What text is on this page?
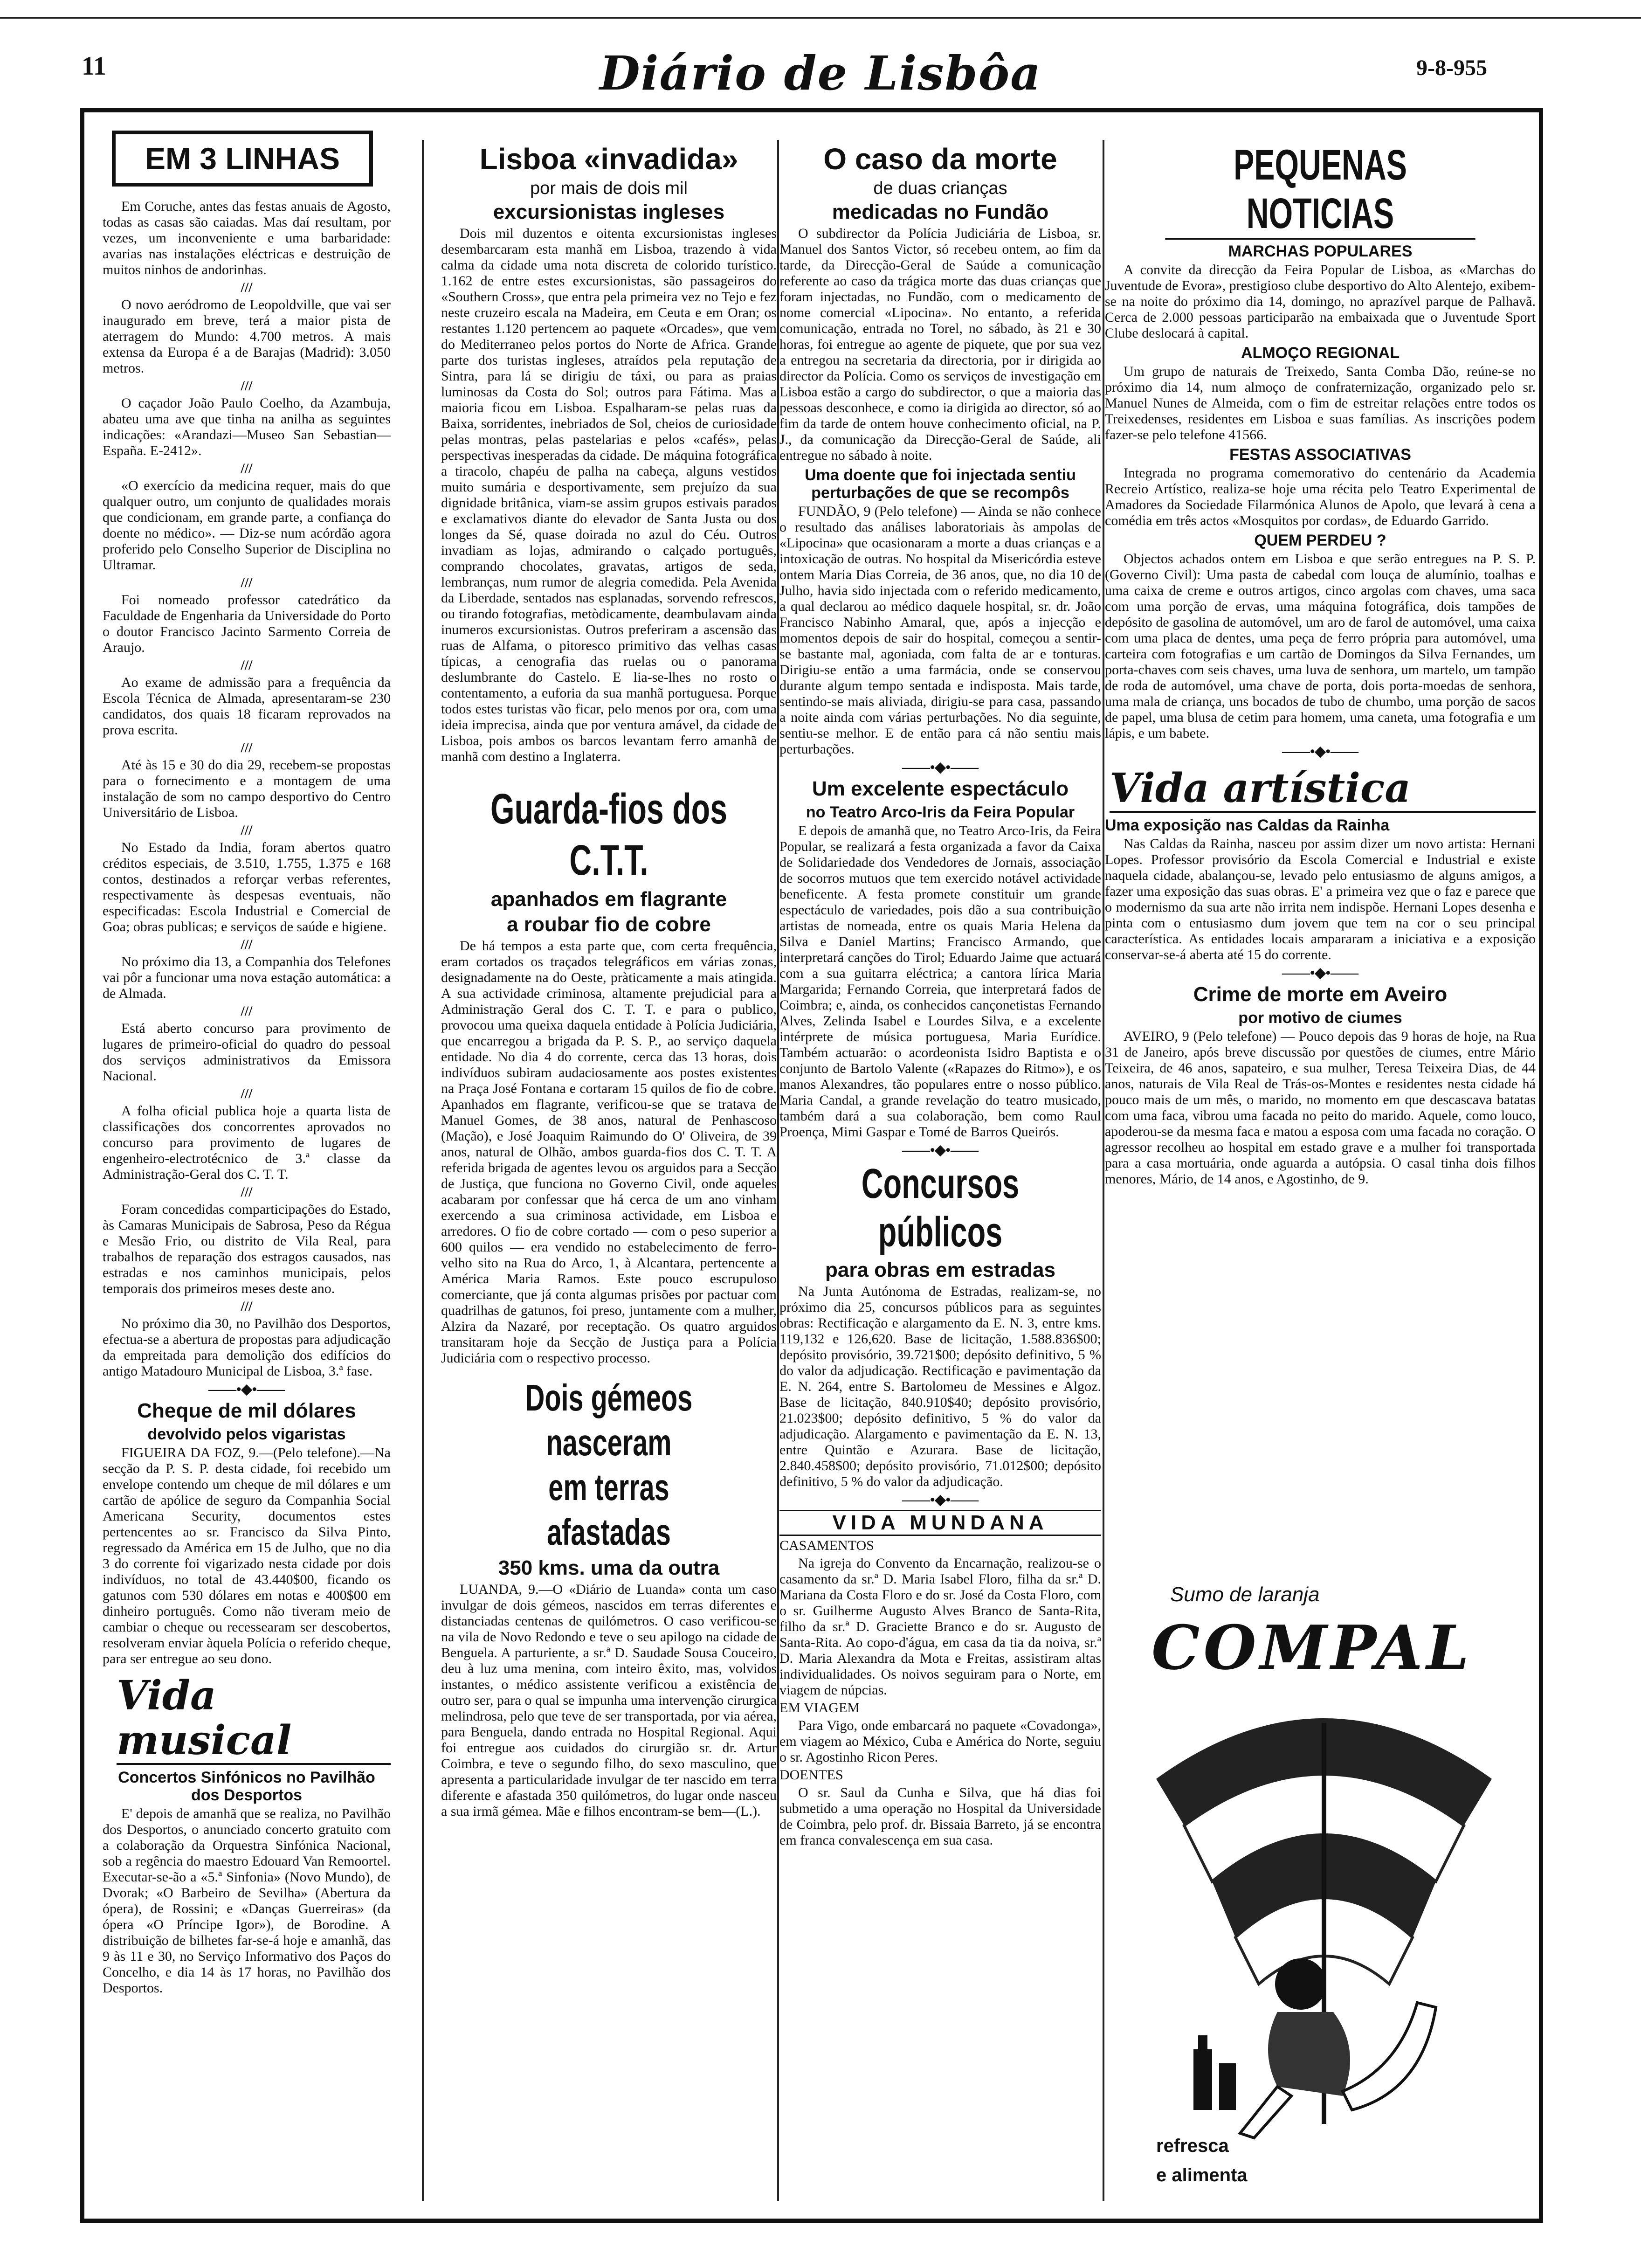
11	Diário de Lisbôa	9-8-955
EM 3 LINHAS

Em Coruche, antes das festas anuais de Agosto, todas as casas são caiadas. Mas daí resultam, por vezes, um inconveniente e uma barbaridade: avarias nas instalações eléctricas e destruição de muitos ninhos de andorinhas.

///

O novo aeródromo de Leopoldville, que vai ser inaugurado em breve, terá a maior pista de aterragem do Mundo: 4.700 metros. A mais extensa da Europa é a de Barajas (Madrid): 3.050 metros.

///

O caçador João Paulo Coelho, da Azambuja, abateu uma ave que tinha na anilha as seguintes indicações: «Arandazi—Museo San Sebastian—España. E-2412».

///

«O exercício da medicina requer, mais do que qualquer outro, um conjunto de qualidades morais que condicionam, em grande parte, a confiança do doente no médico». — Diz-se num acórdão agora proferido pelo Conselho Superior de Disciplina no Ultramar.

///

Foi nomeado professor catedrático da Faculdade de Engenharia da Universidade do Porto o doutor Francisco Jacinto Sarmento Correia de Araujo.

///

Ao exame de admissão para a frequência da Escola Técnica de Almada, apresentaram-se 230 candidatos, dos quais 18 ficaram reprovados na prova escrita.

///

Até às 15 e 30 do dia 29, recebem-se propostas para o fornecimento e a montagem de uma instalação de som no campo desportivo do Centro Universitário de Lisboa.

///

No Estado da India, foram abertos quatro créditos especiais, de 3.510, 1.755, 1.375 e 168 contos, destinados a reforçar verbas referentes, respectivamente às despesas eventuais, não especificadas: Escola Industrial e Comercial de Goa; obras publicas; e serviços de saúde e higiene.

///

No próximo dia 13, a Companhia dos Telefones vai pôr a funcionar uma nova estação automática: a de Almada.

///

Está aberto concurso para provimento de lugares de primeiro-oficial do quadro do pessoal dos serviços administrativos da Emissora Nacional.

///

A folha oficial publica hoje a quarta lista de classificações dos concorrentes aprovados no concurso para provimento de lugares de engenheiro-electrotécnico de 3.ª classe da Administração-Geral dos C. T. T.

///

Foram concedidas comparticipações do Estado, às Camaras Municipais de Sabrosa, Peso da Régua e Mesão Frio, ou distrito de Vila Real, para trabalhos de reparação dos estragos causados, nas estradas e nos caminhos municipais, pelos temporais dos primeiros meses deste ano.

///

No próximo dia 30, no Pavilhão dos Desportos, efectua-se a abertura de propostas para adjudicação da empreitada para demolição dos edifícios do antigo Matadouro Municipal de Lisboa, 3.ª fase.

——•◆•——
Cheque de mil dólares
devolvido pelos vigaristas

FIGUEIRA DA FOZ, 9.—(Pelo telefone).—Na secção da P. S. P. desta cidade, foi recebido um envelope contendo um cheque de mil dólares e um cartão de apólice de seguro da Companhia Social Americana Security, documentos estes pertencentes ao sr. Francisco da Silva Pinto, regressado da América em 15 de Julho, que no dia 3 do corrente foi vigarizado nesta cidade por dois indivíduos, no total de 43.440$00, ficando os gatunos com 530 dólares em notas e 400$00 em dinheiro português. Como não tiveram meio de cambiar o cheque ou recessearam ser descobertos, resolveram enviar àquela Polícia o referido cheque, para ser entregue ao seu dono.

Vida musical
Concertos Sinfónicos no Pavilhão dos Desportos

E' depois de amanhã que se realiza, no Pavilhão dos Desportos, o anunciado concerto gratuito com a colaboração da Orquestra Sinfónica Nacional, sob a regência do maestro Edouard Van Remoortel. Executar-se-ão a «5.ª Sinfonia» (Novo Mundo), de Dvorak; «O Barbeiro de Sevilha» (Abertura da ópera), de Rossini; e «Danças Guerreiras» (da ópera «O Príncipe Igor»), de Borodine. A distribuição de bilhetes far-se-á hoje e amanhã, das 9 às 11 e 30, no Serviço Informativo dos Paços do Concelho, e dia 14 às 17 horas, no Pavilhão dos Desportos.

Lisboa «invadida»
por mais de dois mil
excursionistas ingleses

Dois mil duzentos e oitenta excursionistas ingleses desembarcaram esta manhã em Lisboa, trazendo à vida calma da cidade uma nota discreta de colorido turístico. 1.162 de entre estes excursionistas, são passageiros do «Southern Cross», que entra pela primeira vez no Tejo e fez neste cruzeiro escala na Madeira, em Ceuta e em Oran; os restantes 1.120 pertencem ao paquete «Orcades», que vem do Mediterraneo pelos portos do Norte de Africa. Grande parte dos turistas ingleses, atraídos pela reputação de Sintra, para lá se dirigiu de táxi, ou para as praias luminosas da Costa do Sol; outros para Fátima. Mas a maioria ficou em Lisboa. Espalharam-se pelas ruas da Baixa, sorridentes, inebriados de Sol, cheios de curiosidade pelas montras, pelas pastelarias e pelos «cafés», pelas perspectivas inesperadas da cidade. De máquina fotográfica a tiracolo, chapéu de palha na cabeça, alguns vestidos muito sumária e desportivamente, sem prejuízo da sua dignidade britânica, viam-se assim grupos estivais parados e exclamativos diante do elevador de Santa Justa ou dos longes da Sé, quase doirada no azul do Céu. Outros invadiam as lojas, admirando o calçado português, comprando chocolates, gravatas, artigos de seda, lembranças, num rumor de alegria comedida. Pela Avenida da Liberdade, sentados nas esplanadas, sorvendo refrescos, ou tirando fotografias, metòdicamente, deambulavam ainda inumeros excursionistas. Outros preferiram a ascensão das ruas de Alfama, o pitoresco primitivo das velhas casas típicas, a cenografia das ruelas ou o panorama deslumbrante do Castelo. E lia-se-lhes no rosto o contentamento, a euforia da sua manhã portuguesa. Porque todos estes turistas vão ficar, pelo menos por ora, com uma ideia imprecisa, ainda que por ventura amável, da cidade de Lisboa, pois ambos os barcos levantam ferro amanhã de manhã com destino a Inglaterra.

Guarda-fios dos C.T.T.
apanhados em flagrante
a roubar fio de cobre

De há tempos a esta parte que, com certa frequência, eram cortados os traçados telegráficos em várias zonas, designadamente na do Oeste, pràticamente a mais atingida. A sua actividade criminosa, altamente prejudicial para a Administração Geral dos C. T. T. e para o publico, provocou uma queixa daquela entidade à Polícia Judiciária, que encarregou a brigada da P. S. P., ao serviço daquela entidade. No dia 4 do corrente, cerca das 13 horas, dois indivíduos subiram audaciosamente aos postes existentes na Praça José Fontana e cortaram 15 quilos de fio de cobre. Apanhados em flagrante, verificou-se que se tratava de Manuel Gomes, de 38 anos, natural de Penhascoso (Mação), e José Joaquim Raimundo do O' Oliveira, de 39 anos, natural de Olhão, ambos guarda-fios dos C. T. T. A referida brigada de agentes levou os arguidos para a Secção de Justiça, que funciona no Governo Civil, onde aqueles acabaram por confessar que há cerca de um ano vinham exercendo a sua criminosa actividade, em Lisboa e arredores. O fio de cobre cortado — com o peso superior a 600 quilos — era vendido no estabelecimento de ferro-velho sito na Rua do Arco, 1, à Alcantara, pertencente a América Maria Ramos. Este pouco escrupuloso comerciante, que já conta algumas prisões por pactuar com quadrilhas de gatunos, foi preso, juntamente com a mulher, Alzira da Nazaré, por receptação. Os quatro arguidos transitaram hoje da Secção de Justiça para a Polícia Judiciária com o respectivo processo.

Dois gémeos nasceram
em terras afastadas
350 kms. uma da outra

LUANDA, 9.—O «Diário de Luanda» conta um caso invulgar de dois gémeos, nascidos em terras diferentes e distanciadas centenas de quilómetros. O caso verificou-se na vila de Novo Redondo e teve o seu apilogo na cidade de Benguela. A parturiente, a sr.ª D. Saudade Sousa Couceiro, deu à luz uma menina, com inteiro êxito, mas, volvidos instantes, o médico assistente verificou a existência de outro ser, para o qual se impunha uma intervenção cirurgica melindrosa, pelo que teve de ser transportada, por via aérea, para Benguela, dando entrada no Hospital Regional. Aqui foi entregue aos cuidados do cirurgião sr. dr. Artur Coimbra, e teve o segundo filho, do sexo masculino, que apresenta a particularidade invulgar de ter nascido em terra diferente e afastada 350 quilómetros, do lugar onde nasceu a sua irmã gémea. Mãe e filhos encontram-se bem—(L.).

O caso da morte
de duas crianças
medicadas no Fundão

O subdirector da Polícia Judiciária de Lisboa, sr. Manuel dos Santos Victor, só recebeu ontem, ao fim da tarde, da Direcção-Geral de Saúde a comunicação referente ao caso da trágica morte das duas crianças que foram injectadas, no Fundão, com o medicamento de nome comercial «Lipocina». No entanto, a referida comunicação, entrada no Torel, no sábado, às 21 e 30 horas, foi entregue ao agente de piquete, que por sua vez a entregou na secretaria da directoria, por ir dirigida ao director da Polícia. Como os serviços de investigação em Lisboa estão a cargo do subdirector, o que a maioria das pessoas desconhece, e como ia dirigida ao director, só ao fim da tarde de ontem houve conhecimento oficial, na P. J., da comunicação da Direcção-Geral de Saúde, ali entregue no sábado à noite.

Uma doente que foi injectada sentiu perturbações de que se recompôs

FUNDÃO, 9 (Pelo telefone) — Ainda se não conhece o resultado das análises laboratoriais às ampolas de «Lipocina» que ocasionaram a morte a duas crianças e a intoxicação de outras. No hospital da Misericórdia esteve ontem Maria Dias Correia, de 36 anos, que, no dia 10 de Julho, havia sido injectada com o referido medicamento, a qual declarou ao médico daquele hospital, sr. dr. João Francisco Nabinho Amaral, que, após a injecção e momentos depois de sair do hospital, começou a sentir-se bastante mal, agoniada, com falta de ar e tonturas. Dirigiu-se então a uma farmácia, onde se conservou durante algum tempo sentada e indisposta. Mais tarde, sentindo-se mais aliviada, dirigiu-se para casa, passando a noite ainda com várias perturbações. No dia seguinte, sentiu-se melhor. E de então para cá não sentiu mais perturbações.

——•◆•——
Um excelente espectáculo
no Teatro Arco-Iris da Feira Popular

E depois de amanhã que, no Teatro Arco-Iris, da Feira Popular, se realizará a festa organizada a favor da Caixa de Solidariedade dos Vendedores de Jornais, associação de socorros mutuos que tem exercido notável actividade beneficente. A festa promete constituir um grande espectáculo de variedades, pois dão a sua contribuição artistas de nomeada, entre os quais Maria Helena da Silva e Daniel Martins; Francisco Armando, que interpretará canções do Tirol; Eduardo Jaime que actuará com a sua guitarra eléctrica; a cantora lírica Maria Margarida; Fernando Correia, que interpretará fados de Coimbra; e, ainda, os conhecidos cançonetistas Fernando Alves, Zelinda Isabel e Lourdes Silva, e a excelente intérprete de música portuguesa, Maria Eurídice. Também actuarão: o acordeonista Isidro Baptista e o conjunto de Bartolo Valente («Rapazes do Ritmo»), e os manos Alexandres, tão populares entre o nosso público. Maria Candal, a grande revelação do teatro musicado, também dará a sua colaboração, bem como Raul Proença, Mimi Gaspar e Tomé de Barros Queirós.

——•◆•——
Concursos públicos
para obras em estradas

Na Junta Autónoma de Estradas, realizam-se, no próximo dia 25, concursos públicos para as seguintes obras: Rectificação e alargamento da E. N. 3, entre kms. 119,132 e 126,620. Base de licitação, 1.588.836$00; depósito provisório, 39.721$00; depósito definitivo, 5 % do valor da adjudicação. Rectificação e pavimentação da E. N. 264, entre S. Bartolomeu de Messines e Algoz. Base de licitação, 840.910$40; depósito provisório, 21.023$00; depósito definitivo, 5 % do valor da adjudicação. Alargamento e pavimentação da E. N. 13, entre Quintão e Azurara. Base de licitação, 2.840.458$00; depósito provisório, 71.012$00; depósito definitivo, 5 % do valor da adjudicação.

——•◆•——
VIDA MUNDANA

CASAMENTOS

Na igreja do Convento da Encarnação, realizou-se o casamento da sr.ª D. Maria Isabel Floro, filha da sr.ª D. Mariana da Costa Floro e do sr. José da Costa Floro, com o sr. Guilherme Augusto Alves Branco de Santa-Rita, filho da sr.ª D. Graciette Branco e do sr. Augusto de Santa-Rita. Ao copo-d'água, em casa da tia da noiva, sr.ª D. Maria Alexandra da Mota e Freitas, assistiram altas individualidades. Os noivos seguiram para o Norte, em viagem de núpcias.

EM VIAGEM

Para Vigo, onde embarcará no paquete «Covadonga», em viagem ao México, Cuba e América do Norte, seguiu o sr. Agostinho Ricon Peres.

DOENTES

O sr. Saul da Cunha e Silva, que há dias foi submetido a uma operação no Hospital da Universidade de Coimbra, pelo prof. dr. Bissaia Barreto, já se encontra em franca convalescença em sua casa.

PEQUENAS NOTICIAS
MARCHAS POPULARES

A convite da direcção da Feira Popular de Lisboa, as «Marchas do Juventude de Evora», prestigioso clube desportivo do Alto Alentejo, exibem-se na noite do próximo dia 14, domingo, no aprazível parque de Palhavã. Cerca de 2.000 pessoas participarão na embaixada que o Juventude Sport Clube deslocará à capital.

ALMOÇO REGIONAL

Um grupo de naturais de Treixedo, Santa Comba Dão, reúne-se no próximo dia 14, num almoço de confraternização, organizado pelo sr. Manuel Nunes de Almeida, com o fim de estreitar relações entre todos os Treixedenses, residentes em Lisboa e suas famílias. As inscrições podem fazer-se pelo telefone 41566.

FESTAS ASSOCIATIVAS

Integrada no programa comemorativo do centenário da Academia Recreio Artístico, realiza-se hoje uma récita pelo Teatro Experimental de Amadores da Sociedade Filarmónica Alunos de Apolo, que levará à cena a comédia em três actos «Mosquitos por cordas», de Eduardo Garrido.

QUEM PERDEU ?

Objectos achados ontem em Lisboa e que serão entregues na P. S. P. (Governo Civil): Uma pasta de cabedal com louça de alumínio, toalhas e uma caixa de creme e outros artigos, cinco argolas com chaves, uma saca com uma porção de ervas, uma máquina fotográfica, dois tampões de depósito de gasolina de automóvel, um aro de farol de automóvel, uma caixa com uma placa de dentes, uma peça de ferro própria para automóvel, uma carteira com fotografias e um cartão de Domingos da Silva Fernandes, um porta-chaves com seis chaves, uma luva de senhora, um martelo, um tampão de roda de automóvel, uma chave de porta, dois porta-moedas de senhora, uma mala de criança, uns bocados de tubo de chumbo, uma porção de sacos de papel, uma blusa de cetim para homem, uma caneta, uma fotografia e um lápis, e um babete.

——•◆•——
Vida artística
Uma exposição nas Caldas da Rainha

Nas Caldas da Rainha, nasceu por assim dizer um novo artista: Hernani Lopes. Professor provisório da Escola Comercial e Industrial e existe naquela cidade, abalançou-se, levado pelo entusiasmo de alguns amigos, a fazer uma exposição das suas obras. E' a primeira vez que o faz e parece que o modernismo da sua arte não irrita nem indispõe. Hernani Lopes desenha e pinta com o entusiasmo dum jovem que tem na cor o seu principal característica. As entidades locais ampararam a iniciativa e a exposição conservar-se-á aberta até 15 do corrente.

——•◆•——
Crime de morte em Aveiro
por motivo de ciumes

AVEIRO, 9 (Pelo telefone) — Pouco depois das 9 horas de hoje, na Rua 31 de Janeiro, após breve discussão por questões de ciumes, entre Mário Teixeira, de 46 anos, sapateiro, e sua mulher, Teresa Teixeira Dias, de 44 anos, naturais de Vila Real de Trás-os-Montes e residentes nesta cidade há pouco mais de um mês, o marido, no momento em que descascava batatas com uma faca, vibrou uma facada no peito do marido. Aquele, como louco, apoderou-se da mesma faca e matou a esposa com uma facada no coração. O agressor recolheu ao hospital em estado grave e a mulher foi transportada para a casa mortuária, onde aguarda a autópsia. O casal tinha dois filhos menores, Mário, de 14 anos, e Agostinho, de 9.

Sumo de laranja
COMPAL
refresca
e alimenta
